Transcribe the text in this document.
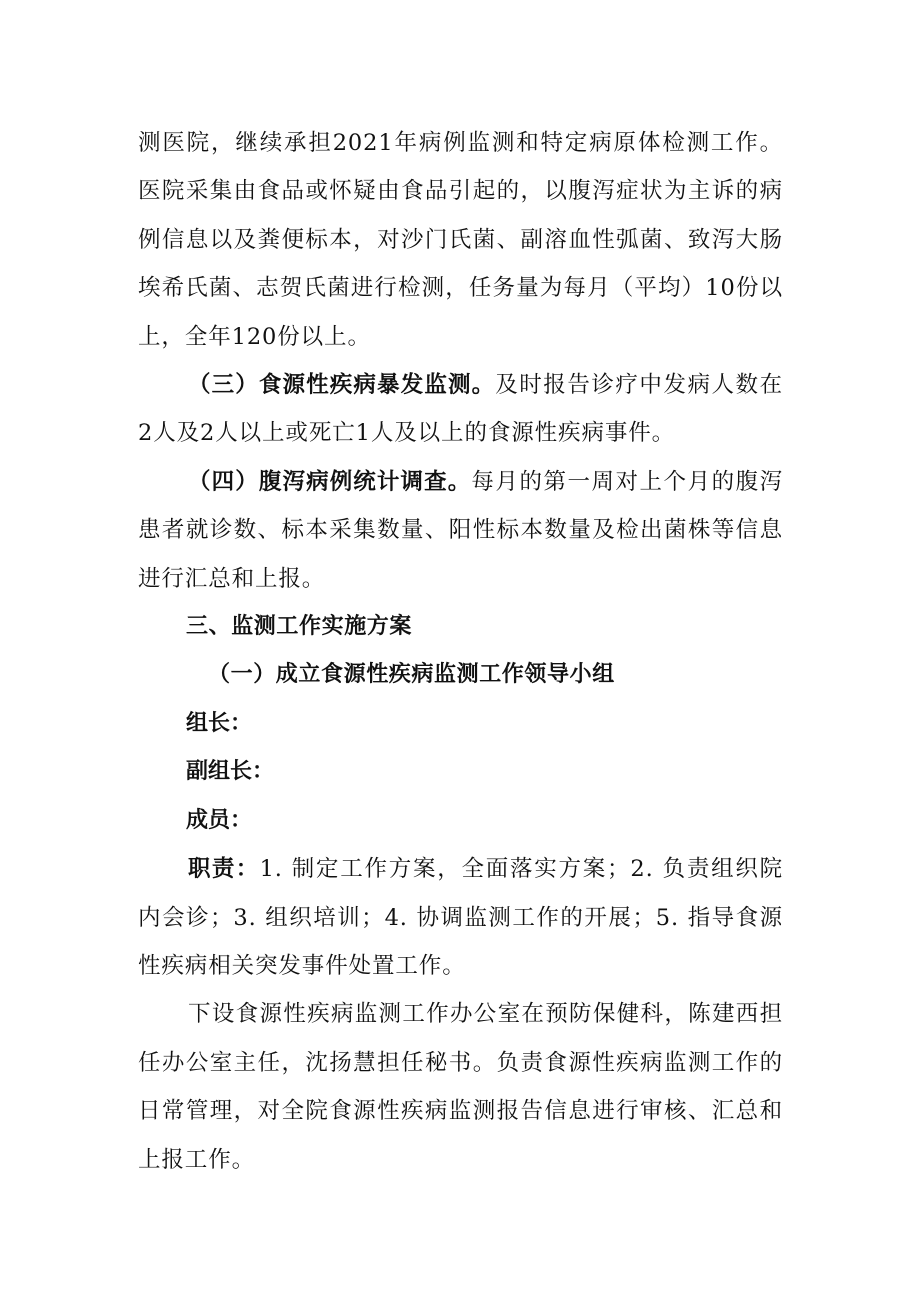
测医院，继续承担2021年病例监测和特定病原体检测工作。医院采集由食品或怀疑由食品引起的，以腹泻症状为主诉的病例信息以及粪便标本，对沙门氏菌、副溶血性弧菌、致泻大肠埃希氏菌、志贺氏菌进行检测，任务量为每月（平均）10份以上，全年120份以上。

（三）食源性疾病暴发监测。及时报告诊疗中发病人数在2人及2人以上或死亡1人及以上的食源性疾病事件。

（四）腹泻病例统计调查。每月的第一周对上个月的腹泻患者就诊数、标本采集数量、阳性标本数量及检出菌株等信息进行汇总和上报。

三、监测工作实施方案

（一）成立食源性疾病监测工作领导小组

组长：

副组长：

成员：

职责：1. 制定工作方案，全面落实方案；2. 负责组织院内会诊；3. 组织培训；4. 协调监测工作的开展；5. 指导食源性疾病相关突发事件处置工作。

下设食源性疾病监测工作办公室在预防保健科，陈建西担任办公室主任，沈扬慧担任秘书。负责食源性疾病监测工作的日常管理，对全院食源性疾病监测报告信息进行审核、汇总和上报工作。
